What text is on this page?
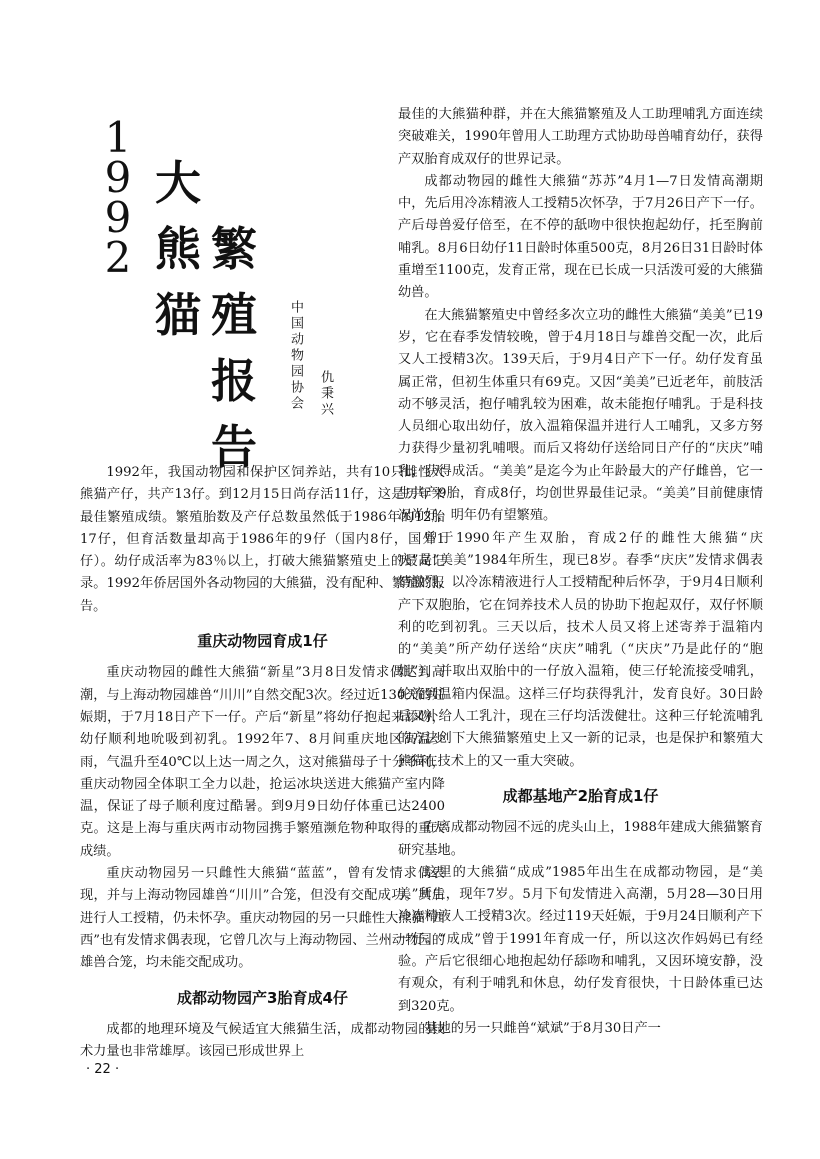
1
9
9
2
大
熊
猫
繁
殖
报
告
中国动物园协会 仇秉兴

1992年，我国动物园和保护区饲养站，共有10只雌性大熊猫产仔，共产13仔。到12月15日尚存活11仔，这是历年来最佳繁殖成绩。繁殖胎数及产仔总数虽然低于1986年的12胎17仔，但育活数量却高于1986年的9仔（国内8仔，国外1仔）。幼仔成活率为83％以上，打破大熊猫繁殖史上的最高记录。1992年侨居国外各动物园的大熊猫，没有配种、繁殖的报告。

重庆动物园育成1仔

重庆动物园的雌性大熊猫“新星”3月8日发情求偶达到高潮，与上海动物园雄兽“川川”自然交配3次。经过近130天的妊娠期，于7月18日产下一仔。产后“新星”将幼仔抱起来舔吻，幼仔顺利地吮吸到初乳。1992年7、8月间重庆地区高温少雨，气温升至40℃以上达一周之久，这对熊猫母子十分不利，重庆动物园全体职工全力以赴，抢运冰块送进大熊猫产室内降温，保证了母子顺利度过酷暑。到9月9日幼仔体重已达2400克。这是上海与重庆两市动物园携手繁殖濒危物种取得的重大成绩。

重庆动物园另一只雌性大熊猫“蓝蓝”，曾有发情求偶表现，并与上海动物园雄兽“川川”合笼，但没有交配成功。其后进行人工授精，仍未怀孕。重庆动物园的另一只雌性大熊猫“西西”也有发情求偶表现，它曾几次与上海动物园、兰州动物园的雄兽合笼，均未能交配成功。

成都动物园产3胎育成4仔

成都的地理环境及气候适宜大熊猫生活，成都动物园的技术力量也非常雄厚。该园已形成世界上

最佳的大熊猫种群，并在大熊猫繁殖及人工助理哺乳方面连续突破难关，1990年曾用人工助理方式协助母兽哺育幼仔，获得产双胎育成双仔的世界记录。

成都动物园的雌性大熊猫“苏苏”4月1—7日发情高潮期中，先后用冷冻精液人工授精5次怀孕，于7月26日产下一仔。产后母兽爱仔倍至，在不停的舐吻中很快抱起幼仔，托至胸前哺乳。8月6日幼仔11日龄时体重500克，8月26日31日龄时体重增至1100克，发育正常，现在已长成一只活泼可爱的大熊猫幼兽。

在大熊猫繁殖史中曾经多次立功的雌性大熊猫“美美”已19岁，它在春季发情较晚，曾于4月18日与雄兽交配一次，此后又人工授精3次。139天后，于9月4日产下一仔。幼仔发育虽属正常，但初生体重只有69克。又因“美美”已近老年，前肢活动不够灵活，抱仔哺乳较为困难，故未能抱仔哺乳。于是科技人员细心取出幼仔，放入温箱保温并进行人工哺乳，又多方努力获得少量初乳哺喂。而后又将幼仔送给同日产仔的“庆庆”哺乳，获得成活。“美美”是迄今为止年龄最大的产仔雌兽，它一生共产9胎，育成8仔，均创世界最佳记录。“美美”目前健康情况尚好，明年仍有望繁殖。

曾于1990年产生双胎，育成2仔的雌性大熊猫“庆庆”是“美美”1984年所生，现已8岁。春季“庆庆”发情求偶表情激烈，以冷冻精液进行人工授精配种后怀孕，于9月4日顺利产下双胞胎，它在饲养技术人员的协助下抱起双仔，双仔怀顺利的吃到初乳。三天以后，技术人员又将上述寄养于温箱内的“美美”所产幼仔送给“庆庆”哺乳（“庆庆”乃是此仔的“胞姐”），并取出双胎中的一仔放入温箱，使三仔轮流接受哺乳，轮流到温箱内保温。这样三仔均获得乳汁，发育良好。30日龄后又补给人工乳汁，现在三仔均活泼健壮。这种三仔轮流哺乳的方法创下大熊猫繁殖史上又一新的记录，也是保护和繁殖大熊猫在技术上的又一重大突破。

成都基地产2胎育成1仔

在离成都动物园不远的虎头山上，1988年建成大熊猫繁育研究基地。

这里的大熊猫“成成”1985年出生在成都动物园，是“美美”所生，现年7岁。5月下旬发情进入高潮，5月28—30日用冷冻精液人工授精3次。经过119天妊娠，于9月24日顺利产下一仔。“成成”曾于1991年育成一仔，所以这次作妈妈已有经验。产后它很细心地抱起幼仔舔吻和哺乳，又因环境安静，没有观众，有利于哺乳和休息，幼仔发育很快，十日龄体重已达到320克。

基地的另一只雌兽“斌斌”于8月30日产一

· 22 ·
